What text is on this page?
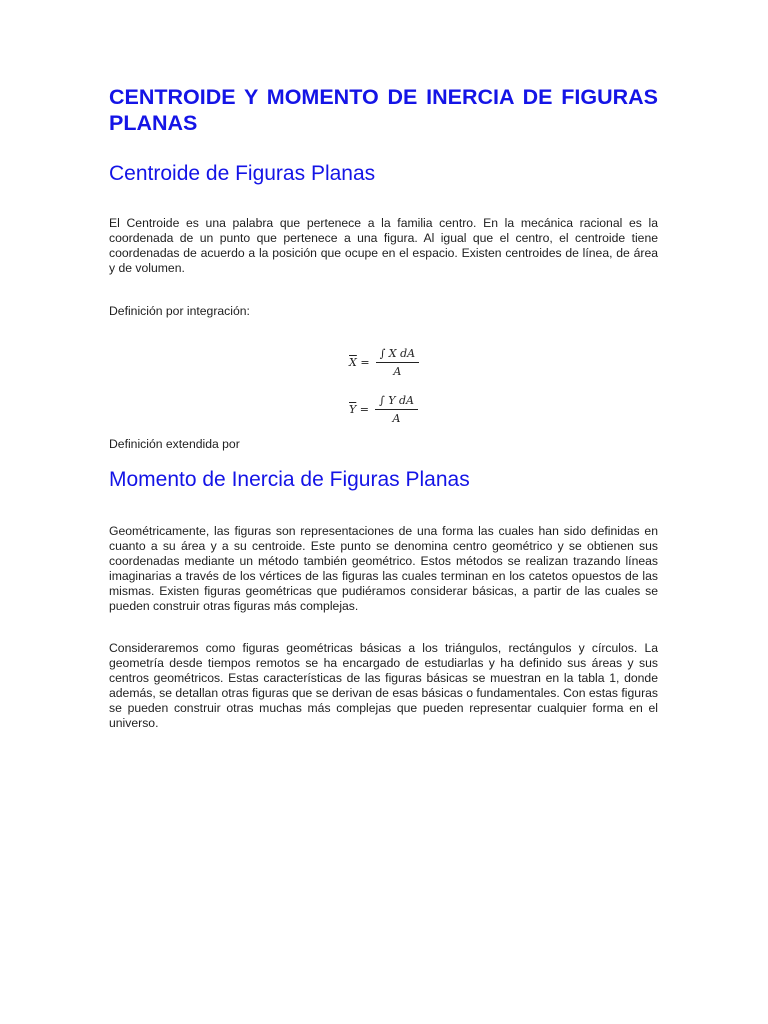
CENTROIDE Y MOMENTO DE INERCIA DE FIGURAS PLANAS
Centroide de Figuras Planas

El Centroide es una palabra que pertenece a la familia centro. En la mecánica racional es la coordenada de un punto que pertenece a una figura. Al igual que el centro, el centroide tiene coordenadas de acuerdo a la posición que ocupe en el espacio. Existen centroides de línea, de área y de volumen.

Definición por integración:

$\overline{X} = \frac{\text{∫ X dA}}{A}$
$\overline{Y} = \frac{\text{∫ Y dA}}{A}$

Definición extendida por

Momento de Inercia de Figuras Planas

Geométricamente, las figuras son representaciones de una forma las cuales han sido definidas en cuanto a su área y a su centroide. Este punto se denomina centro geométrico y se obtienen sus coordenadas mediante un método también geométrico. Estos métodos se realizan trazando líneas imaginarias a través de los vértices de las figuras las cuales terminan en los catetos opuestos de las mismas. Existen figuras geométricas que pudiéramos considerar básicas, a partir de las cuales se pueden construir otras figuras más complejas.

Consideraremos como figuras geométricas básicas a los triángulos, rectángulos y círculos. La geometría desde tiempos remotos se ha encargado de estudiarlas y ha definido sus áreas y sus centros geométricos. Estas características de las figuras básicas se muestran en la tabla 1, donde además, se detallan otras figuras que se derivan de esas básicas o fundamentales. Con estas figuras se pueden construir otras muchas más complejas que pueden representar cualquier forma en el universo.
